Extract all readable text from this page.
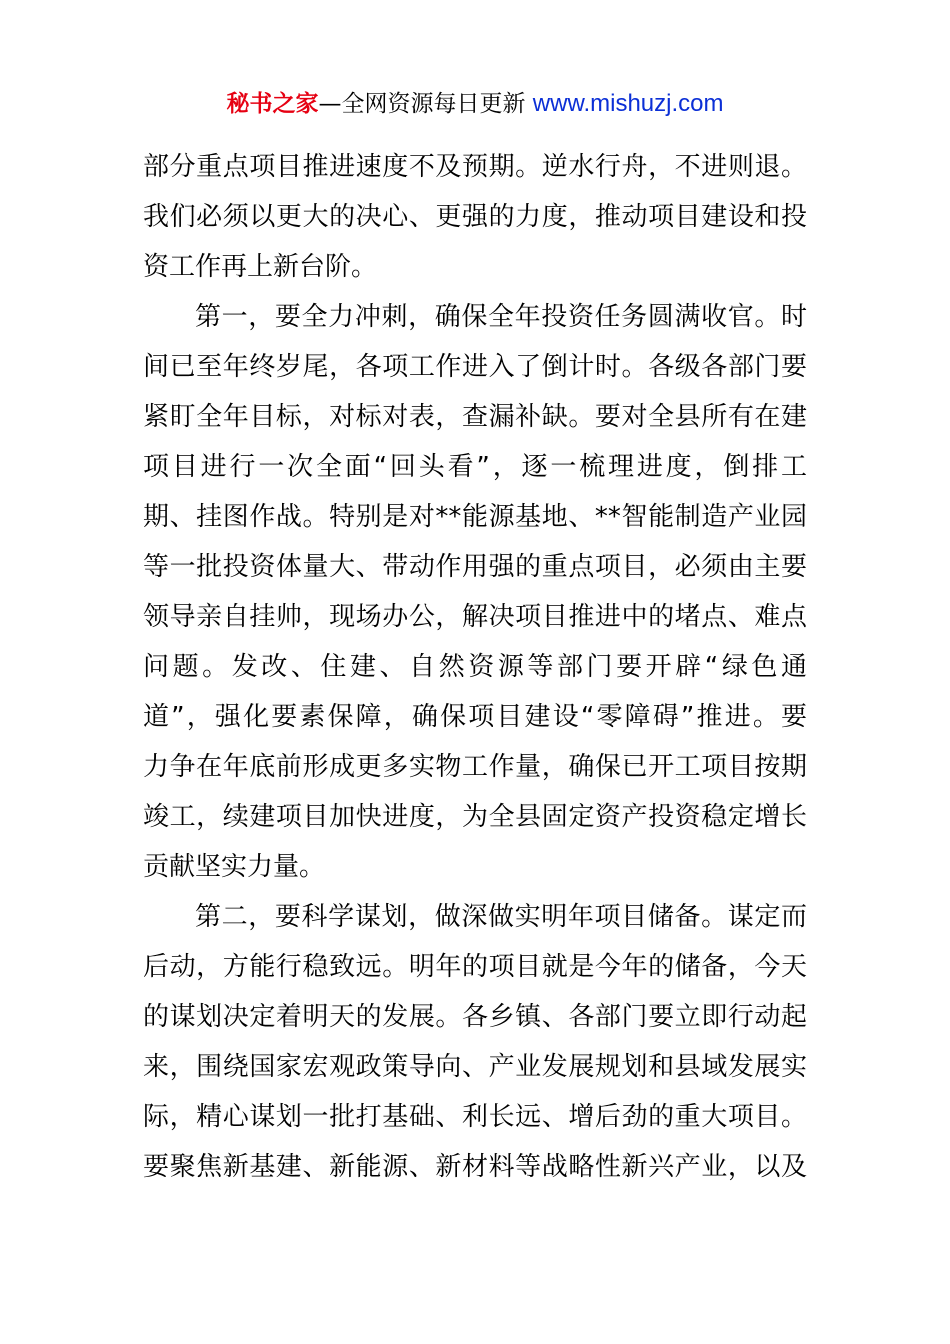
秘书之家—全网资源每日更新 www.mishuzj.com
部分重点项目推进速度不及预期。逆水行舟，不进则退。
我们必须以更大的决心、更强的力度，推动项目建设和投
资工作再上新台阶。
第一，要全力冲刺，确保全年投资任务圆满收官。时
间已至年终岁尾，各项工作进入了倒计时。各级各部门要
紧盯全年目标，对标对表，查漏补缺。要对全县所有在建
项目进行一次全面“回头看”，逐一梳理进度，倒排工
期、挂图作战。特别是对**能源基地、**智能制造产业园
等一批投资体量大、带动作用强的重点项目，必须由主要
领导亲自挂帅，现场办公，解决项目推进中的堵点、难点
问题。发改、住建、自然资源等部门要开辟“绿色通
道”，强化要素保障，确保项目建设“零障碍”推进。要
力争在年底前形成更多实物工作量，确保已开工项目按期
竣工，续建项目加快进度，为全县固定资产投资稳定增长
贡献坚实力量。
第二，要科学谋划，做深做实明年项目储备。谋定而
后动，方能行稳致远。明年的项目就是今年的储备，今天
的谋划决定着明天的发展。各乡镇、各部门要立即行动起
来，围绕国家宏观政策导向、产业发展规划和县域发展实
际，精心谋划一批打基础、利长远、增后劲的重大项目。
要聚焦新基建、新能源、新材料等战略性新兴产业，以及
